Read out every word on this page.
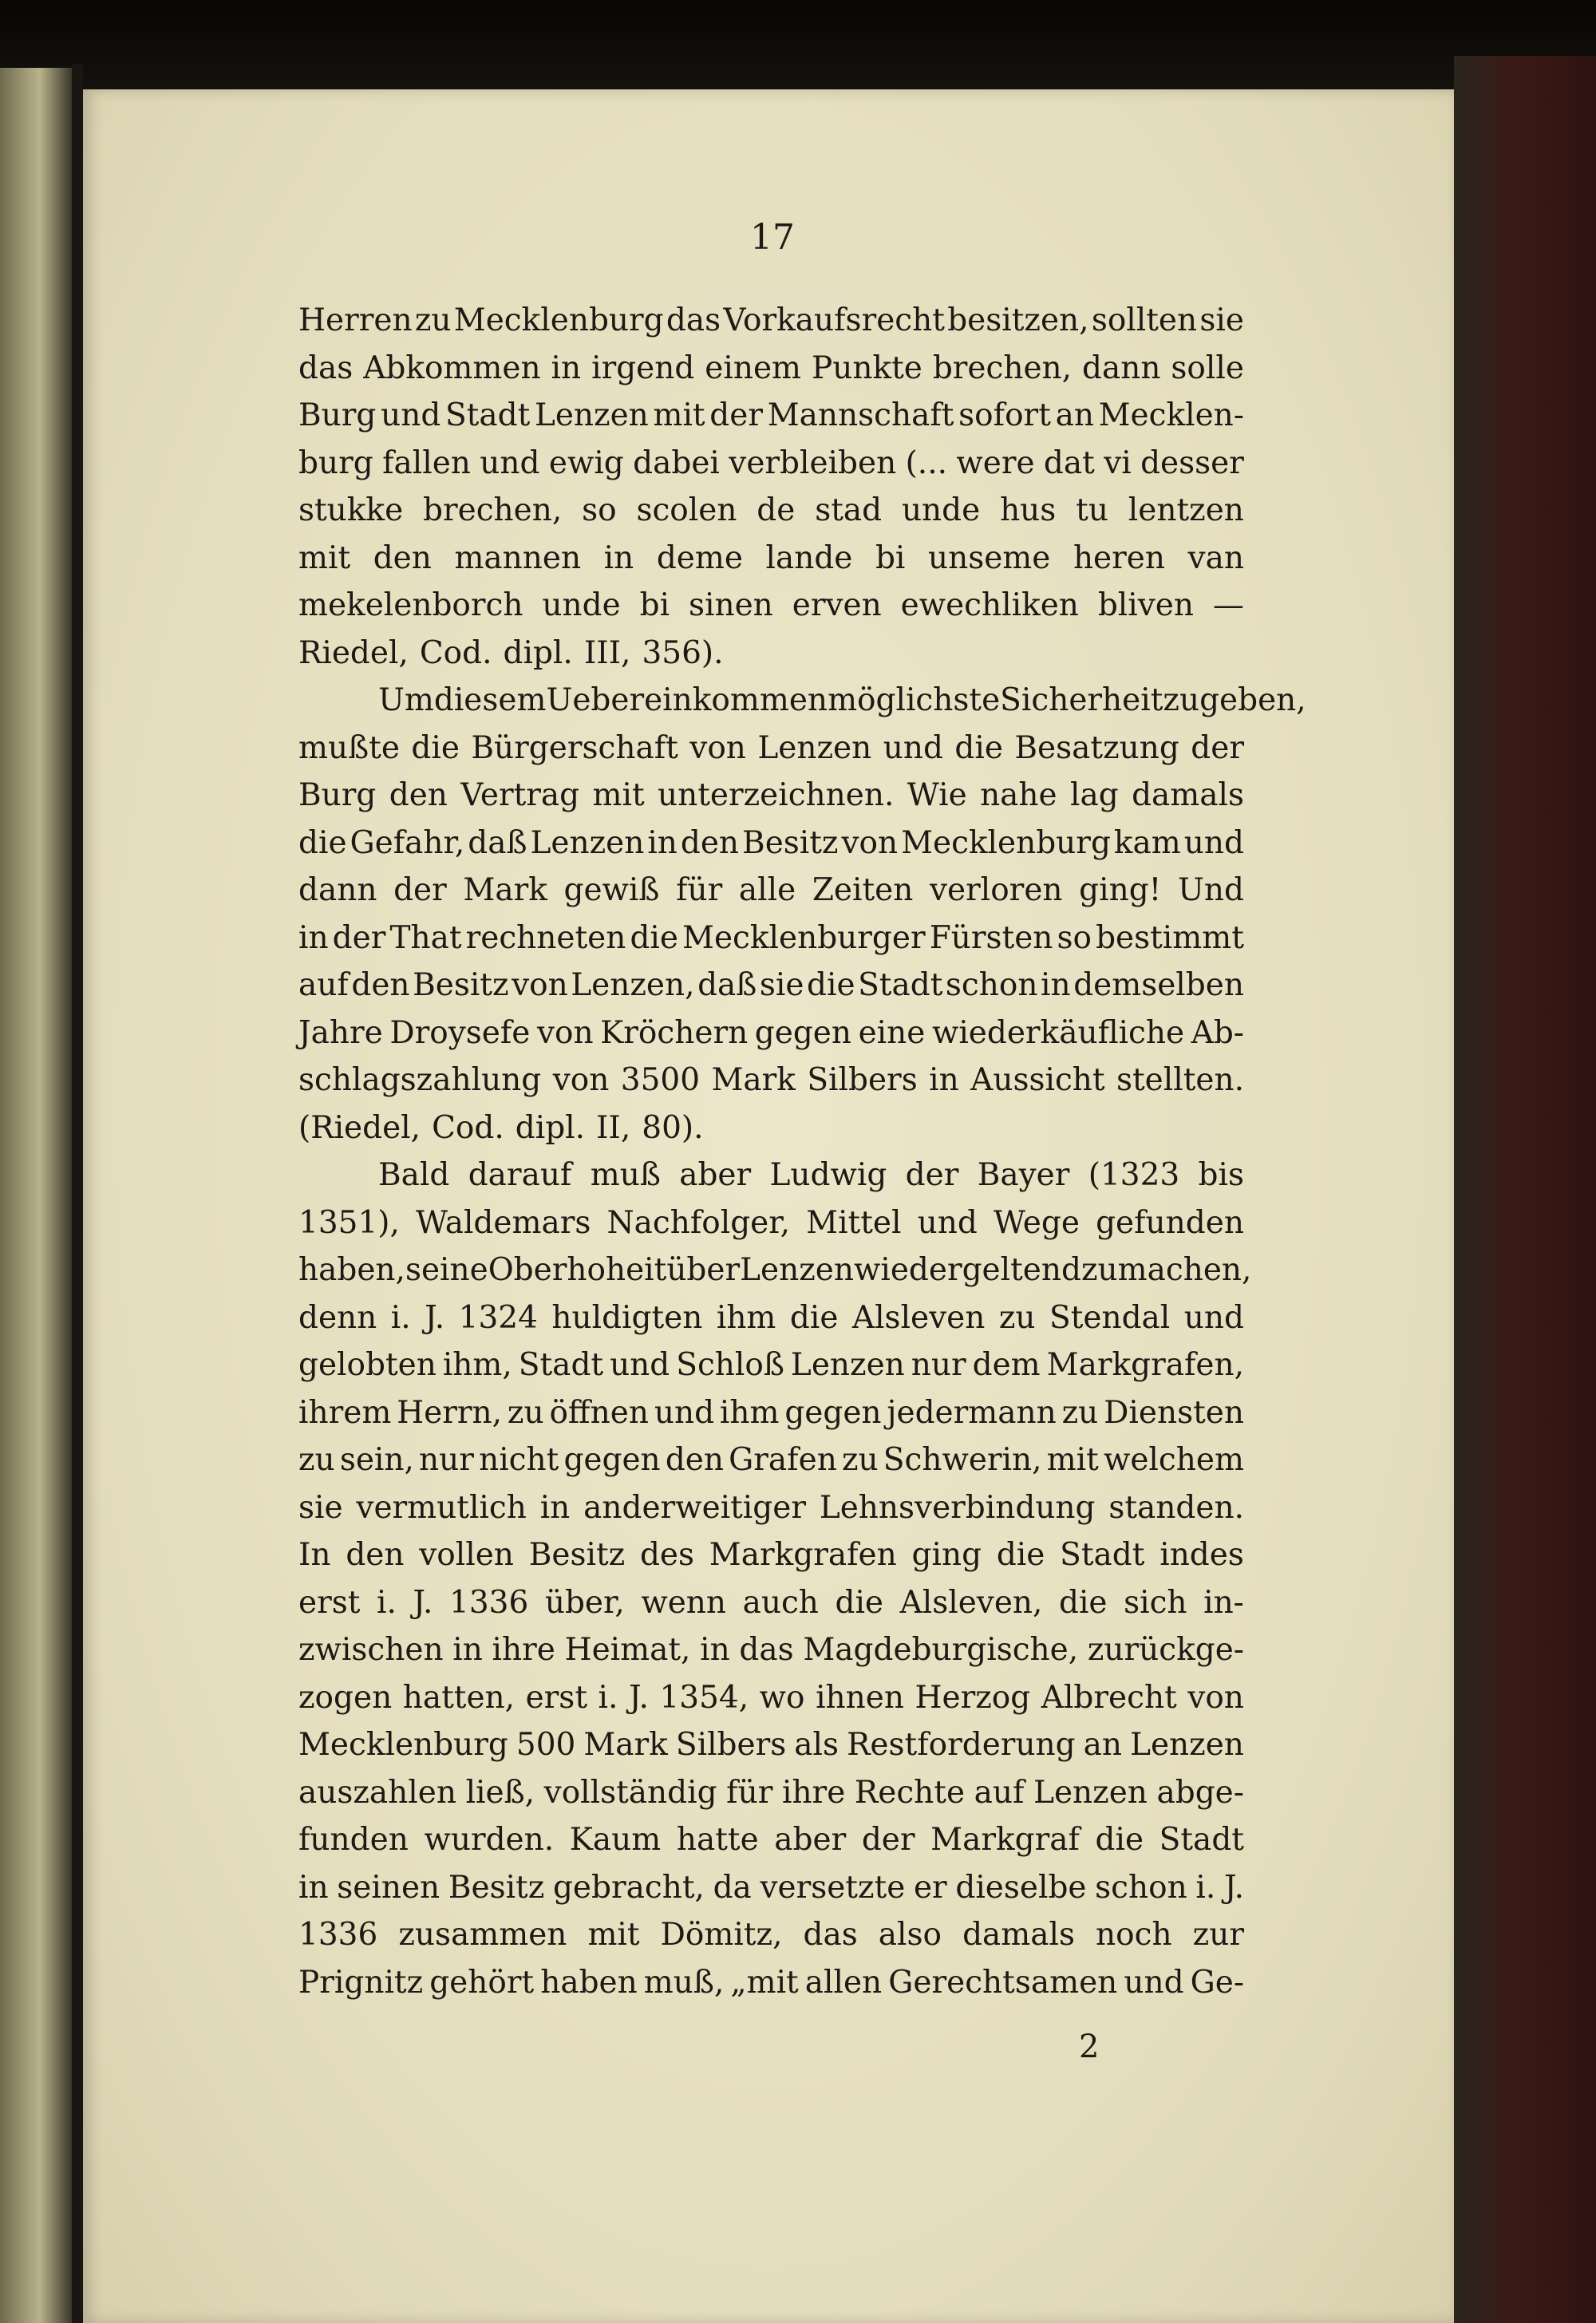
17
Herren zu Mecklenburg das Vorkaufsrecht besitzen, sollten sie
das Abkommen in irgend einem Punkte brechen, dann solle
Burg und Stadt Lenzen mit der Mannschaft sofort an Mecklen-
burg fallen und ewig dabei verbleiben (... were dat vi desser
stukke brechen, so scolen de stad unde hus tu lentzen
mit den mannen in deme lande bi unseme heren van
mekelenborch unde bi sinen erven ewechliken bliven —
Riedel, Cod. dipl. III, 356).
Um diesem Uebereinkommen möglichste Sicherheit zu geben,
mußte die Bürgerschaft von Lenzen und die Besatzung der
Burg den Vertrag mit unterzeichnen. Wie nahe lag damals
die Gefahr, daß Lenzen in den Besitz von Mecklenburg kam und
dann der Mark gewiß für alle Zeiten verloren ging! Und
in der That rechneten die Mecklenburger Fürsten so bestimmt
auf den Besitz von Lenzen, daß sie die Stadt schon in demselben
Jahre Droysefe von Kröchern gegen eine wiederkäufliche Ab-
schlagszahlung von 3500 Mark Silbers in Aussicht stellten.
(Riedel, Cod. dipl. II, 80).
Bald darauf muß aber Ludwig der Bayer (1323 bis
1351), Waldemars Nachfolger, Mittel und Wege gefunden
haben, seine Oberhoheit über Lenzen wieder geltend zu machen,
denn i. J. 1324 huldigten ihm die Alsleven zu Stendal und
gelobten ihm, Stadt und Schloß Lenzen nur dem Markgrafen,
ihrem Herrn, zu öffnen und ihm gegen jedermann zu Diensten
zu sein, nur nicht gegen den Grafen zu Schwerin, mit welchem
sie vermutlich in anderweitiger Lehnsverbindung standen.
In den vollen Besitz des Markgrafen ging die Stadt indes
erst i. J. 1336 über, wenn auch die Alsleven, die sich in-
zwischen in ihre Heimat, in das Magdeburgische, zurückge-
zogen hatten, erst i. J. 1354, wo ihnen Herzog Albrecht von
Mecklenburg 500 Mark Silbers als Restforderung an Lenzen
auszahlen ließ, vollständig für ihre Rechte auf Lenzen abge-
funden wurden. Kaum hatte aber der Markgraf die Stadt
in seinen Besitz gebracht, da versetzte er dieselbe schon i. J.
1336 zusammen mit Dömitz, das also damals noch zur
Prignitz gehört haben muß, „mit allen Gerechtsamen und Ge-
2
